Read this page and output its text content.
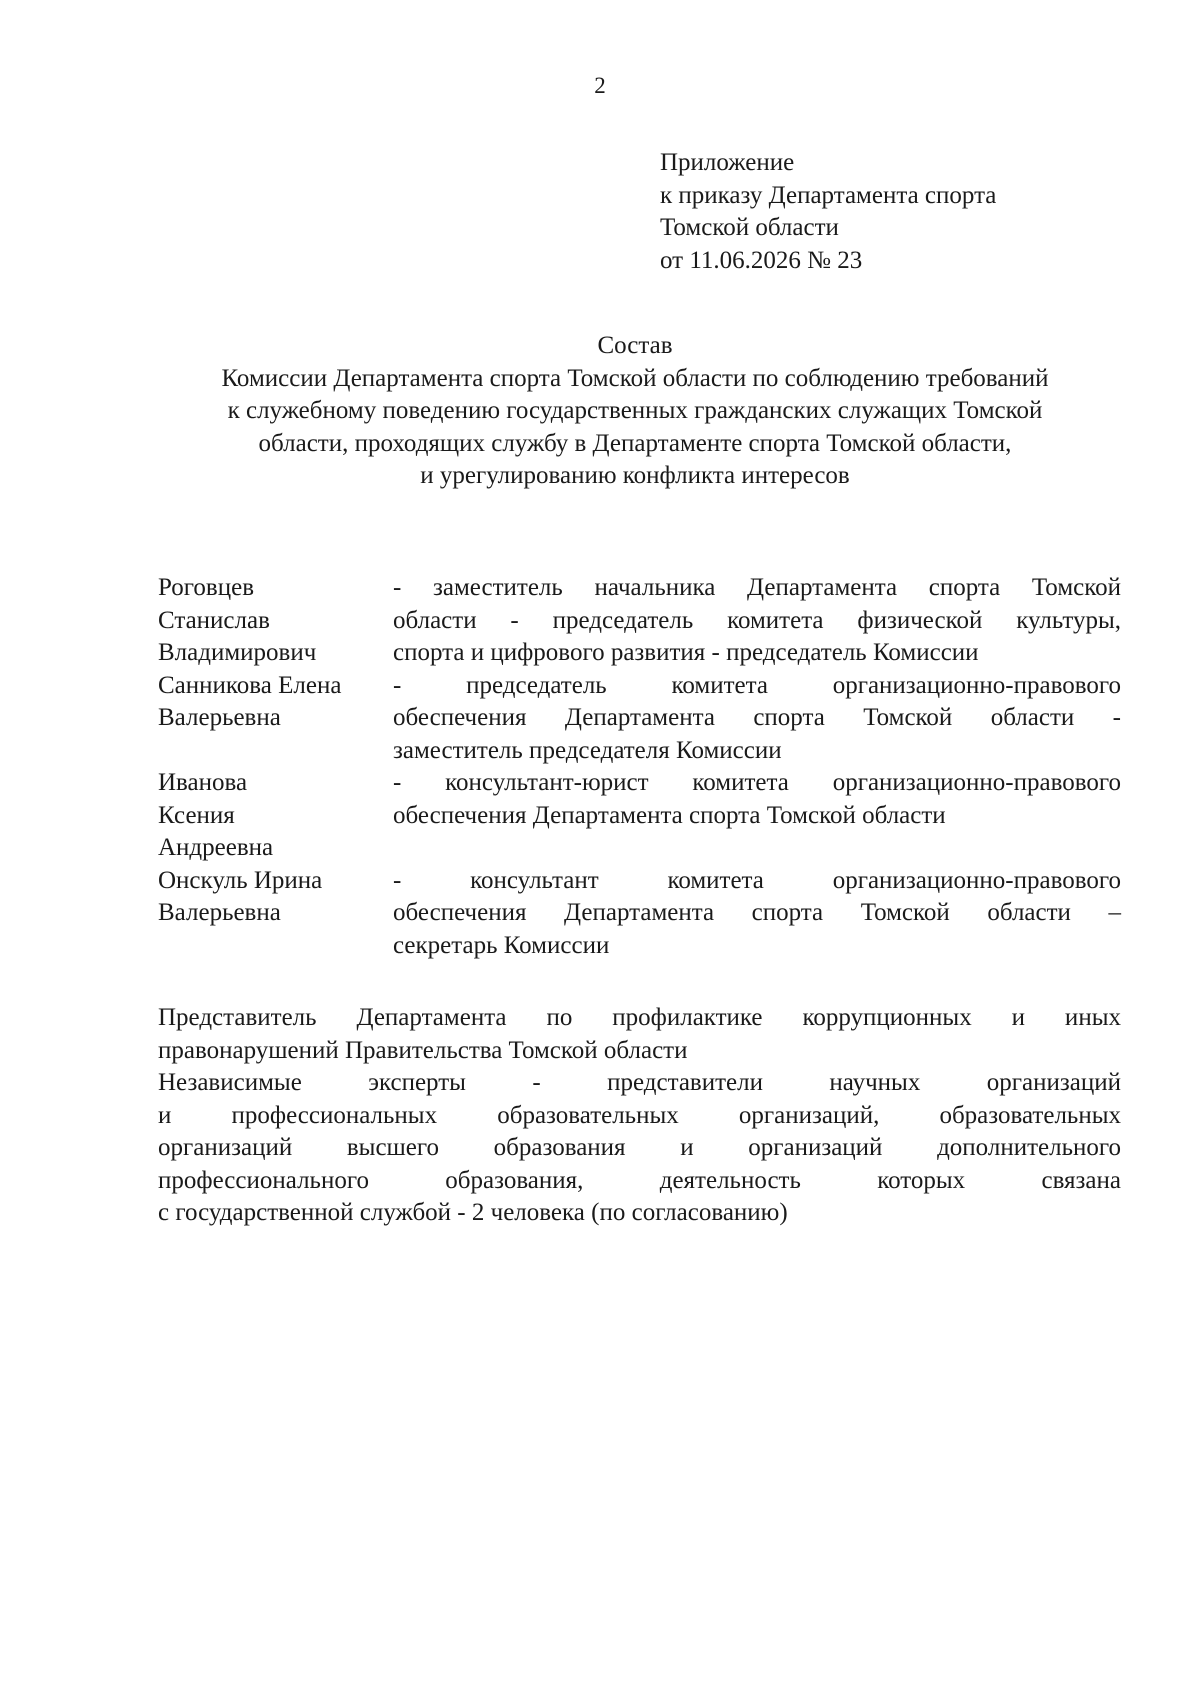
2
Приложение
к приказу Департамента спорта
Томской области
от 11.06.2026 № 23
Состав
Комиссии Департамента спорта Томской области по соблюдению требований
к служебному поведению государственных гражданских служащих Томской
области, проходящих службу в Департаменте спорта Томской области,
и урегулированию конфликта интересов
Роговцев
Станислав
Владимирович
- заместитель начальника Департамента спорта Томской
области - председатель комитета физической культуры,
спорта и цифрового развития - председатель Комиссии
Санникова Елена
Валерьевна
- председатель комитета организационно-правового
обеспечения Департамента спорта Томской области -
заместитель председателя Комиссии
Иванова
Ксения
Андреевна
- консультант-юрист комитета организационно-правового
обеспечения Департамента спорта Томской области
Онскуль Ирина
Валерьевна
- консультант комитета организационно-правового
обеспечения Департамента спорта Томской области –
секретарь Комиссии
Представитель Департамента по профилактике коррупционных и иных
правонарушений Правительства Томской области
Независимые эксперты - представители научных организаций
и профессиональных образовательных организаций, образовательных
организаций высшего образования и организаций дополнительного
профессионального образования, деятельность которых связана
с государственной службой - 2 человека (по согласованию)
